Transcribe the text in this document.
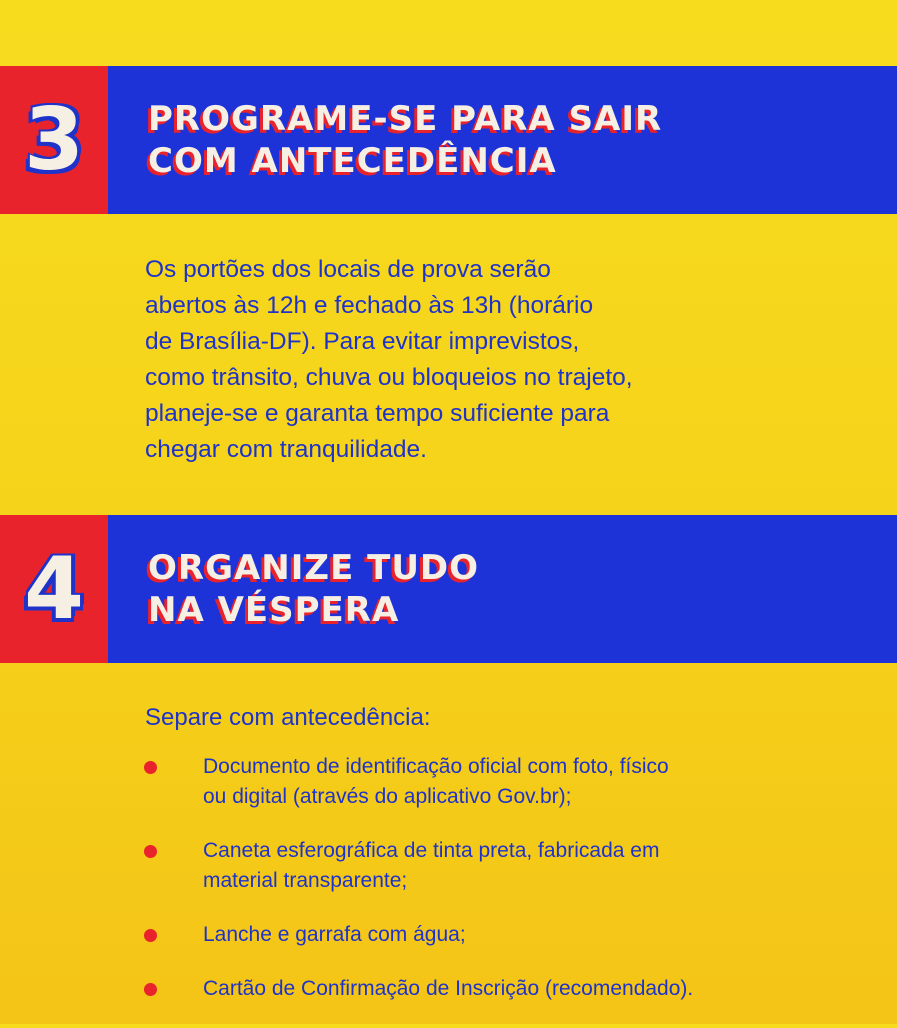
3 PROGRAME-SE PARA SAIR
COM ANTECEDÊNCIA
Os portões dos locais de prova serão
abertos às 12h e fechado às 13h (horário
de Brasília-DF). Para evitar imprevistos,
como trânsito, chuva ou bloqueios no trajeto,
planeje-se e garanta tempo suficiente para
chegar com tranquilidade.
4 ORGANIZE TUDO
NA VÉSPERA
Separe com antecedência:
Documento de identificação oficial com foto, físico
ou digital (através do aplicativo Gov.br);
Caneta esferográfica de tinta preta, fabricada em
material transparente;
Lanche e garrafa com água;
Cartão de Confirmação de Inscrição (recomendado).
